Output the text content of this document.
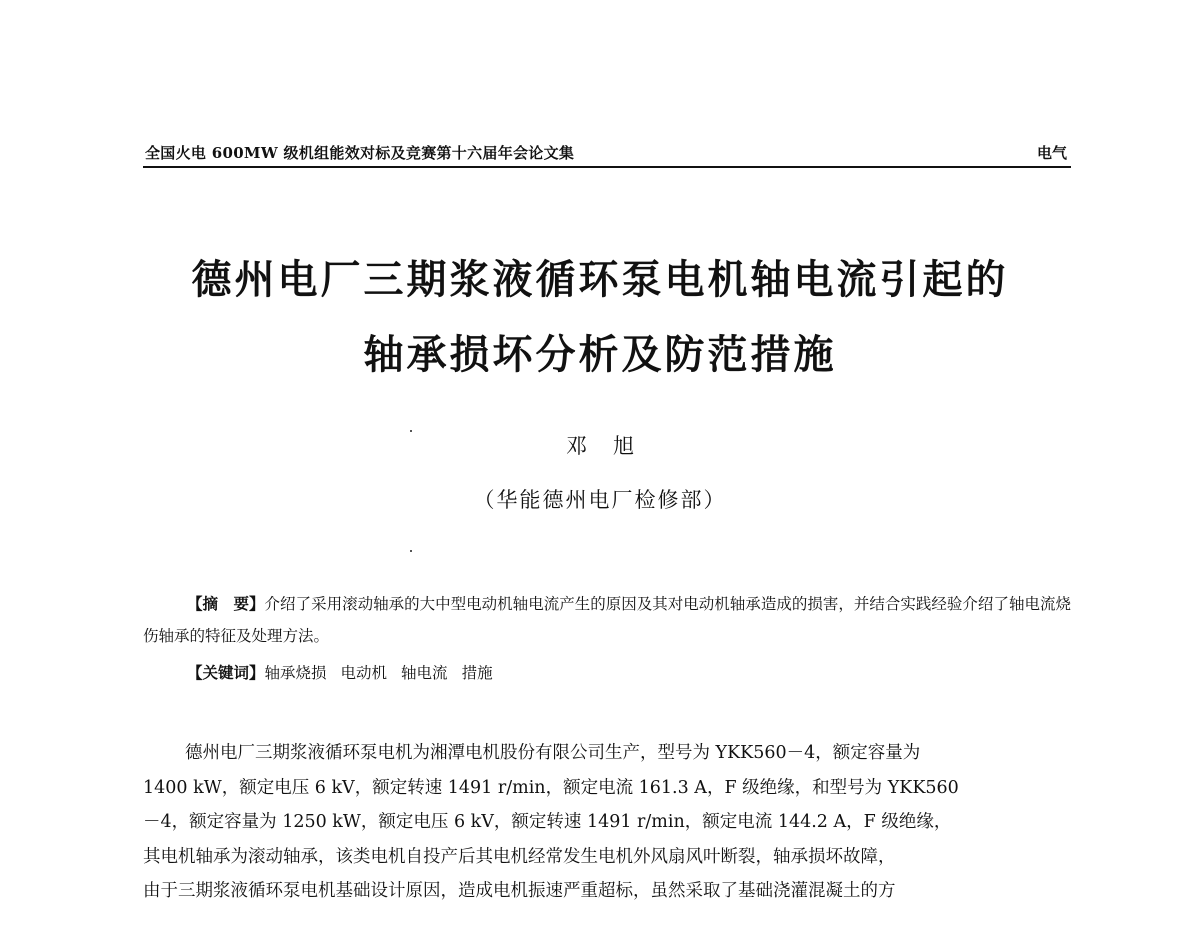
全国火电 600MW 级机组能效对标及竞赛第十六届年会论文集	电气
德州电厂三期浆液循环泵电机轴电流引起的
轴承损坏分析及防范措施
邓旭
（华能德州电厂检修部）
【摘　要】介绍了采用滚动轴承的大中型电动机轴电流产生的原因及其对电动机轴承造成的损害，并结合实践经验介绍了轴电流烧伤轴承的特征及处理方法。
【关键词】轴承烧损 电动机 轴电流 措施
德州电厂三期浆液循环泵电机为湘潭电机股份有限公司生产，型号为 YKK560－4，额定容量为
1400 kW，额定电压 6 kV，额定转速 1491 r/min，额定电流 161.3 A，F 级绝缘，和型号为 YKK560
－4，额定容量为 1250 kW，额定电压 6 kV，额定转速 1491 r/min，额定电流 144.2 A，F 级绝缘，
其电机轴承为滚动轴承，该类电机自投产后其电机经常发生电机外风扇风叶断裂，轴承损坏故障，
由于三期浆液循环泵电机基础设计原因，造成电机振速严重超标，虽然采取了基础浇灌混凝土的方
